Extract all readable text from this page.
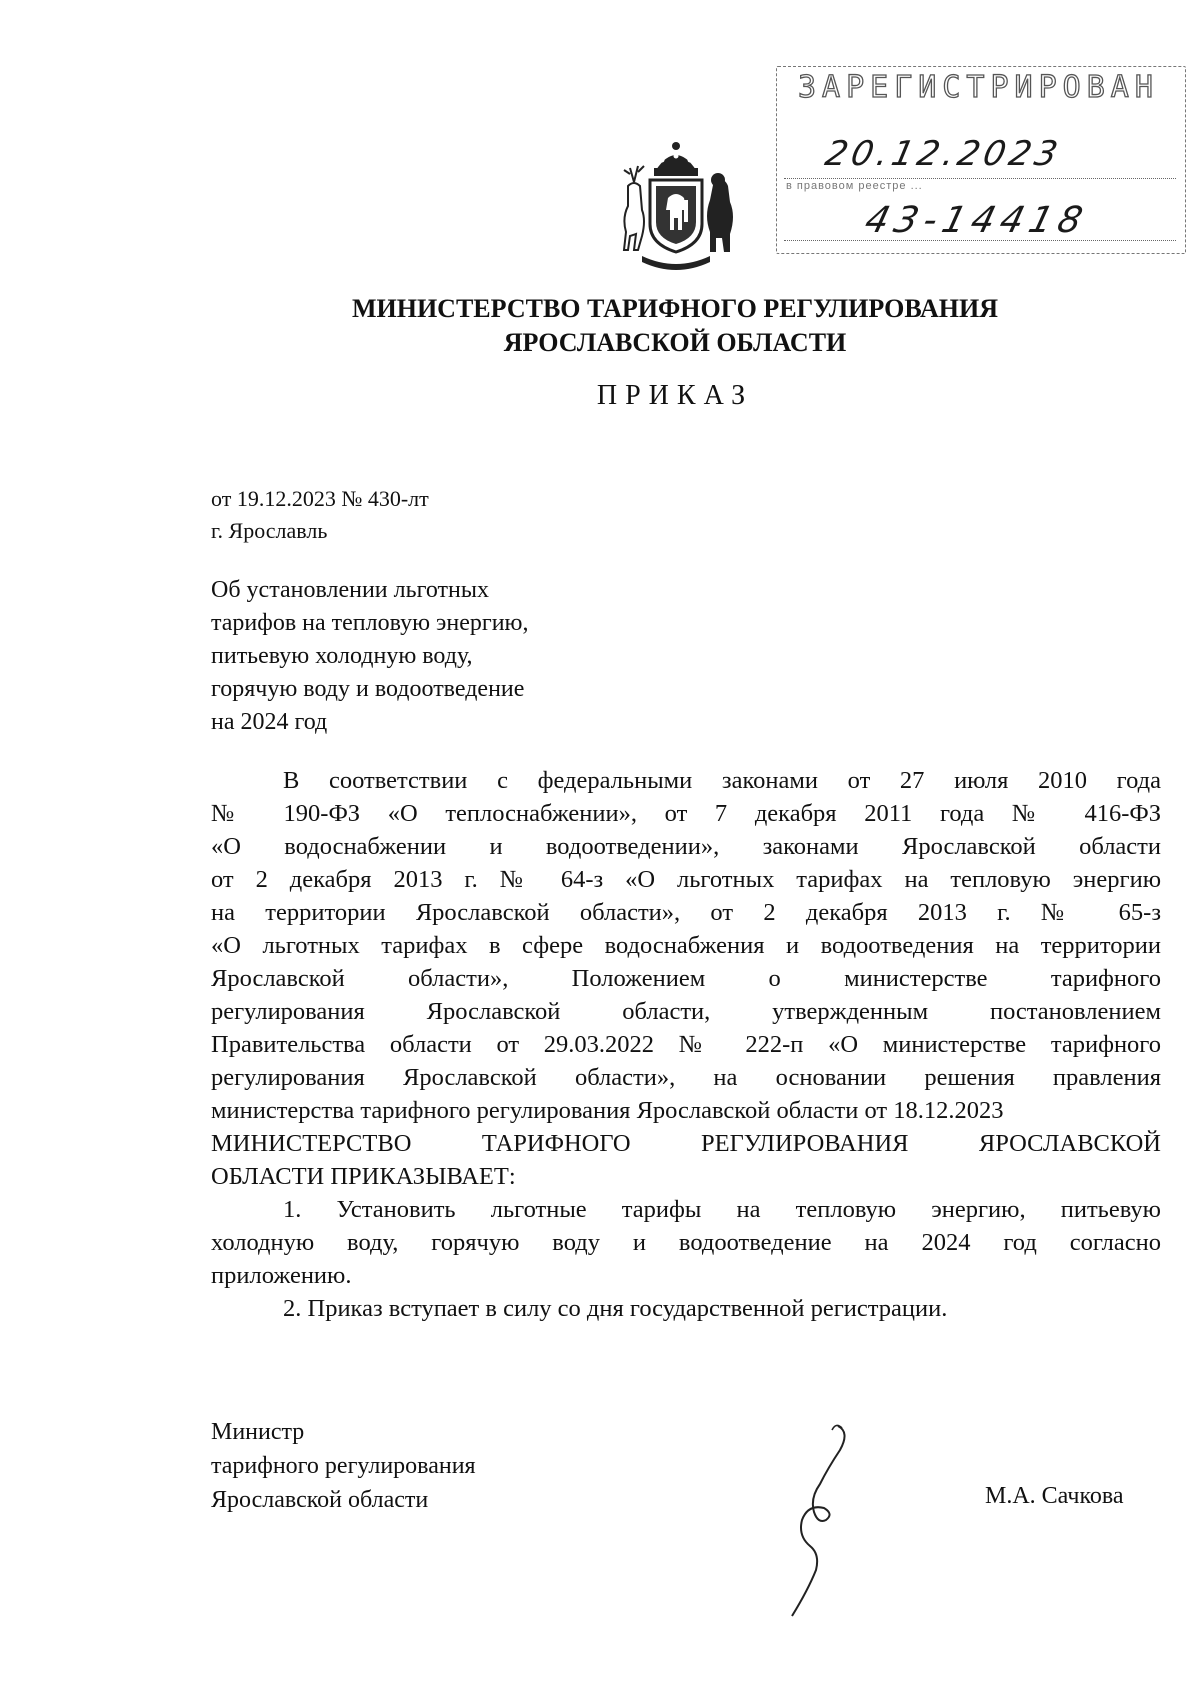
ЗАРЕГИСТРИРОВАН
20.12.2023
в правовом реестре ...
43-14418
МИНИСТЕРСТВО ТАРИФНОГО РЕГУЛИРОВАНИЯ
ЯРОСЛАВСКОЙ ОБЛАСТИ
ПРИКАЗ
от 19.12.2023 № 430-лт
г. Ярославль
Об установлении льготных
тарифов на тепловую энергию,
питьевую холодную воду,
горячую воду и водоотведение
на 2024 год

В соответствии с федеральными законами от 27 июля 2010 года

№ 190-ФЗ «О теплоснабжении», от 7 декабря 2011 года № 416-ФЗ

«О водоснабжении и водоотведении», законами Ярославской области

от 2 декабря 2013 г. № 64-з «О льготных тарифах на тепловую энергию

на территории Ярославской области», от 2 декабря 2013 г. № 65-з

«О льготных тарифах в сфере водоснабжения и водоотведения на территории

Ярославской области», Положением о министерстве тарифного

регулирования Ярославской области, утвержденным постановлением

Правительства области от 29.03.2022 № 222-п «О министерстве тарифного

регулирования Ярославской области», на основании решения правления

министерства тарифного регулирования Ярославской области от 18.12.2023

МИНИСТЕРСТВО ТАРИФНОГО РЕГУЛИРОВАНИЯ ЯРОСЛАВСКОЙ

ОБЛАСТИ ПРИКАЗЫВАЕТ:

1. Установить льготные тарифы на тепловую энергию, питьевую

холодную воду, горячую воду и водоотведение на 2024 год согласно

приложению.

2. Приказ вступает в силу со дня государственной регистрации.

Министр
тарифного регулирования
Ярославской области	М.А. Сачкова
